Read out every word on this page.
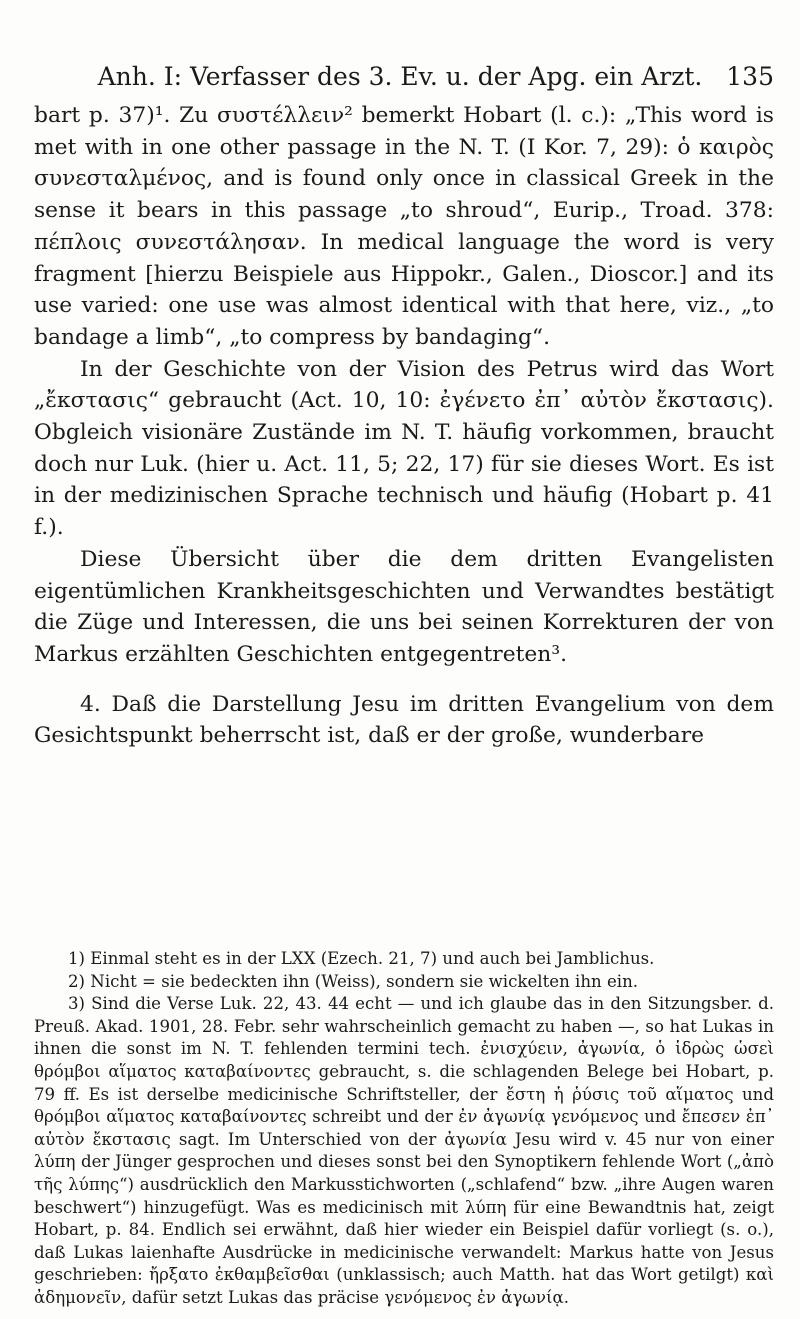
Anh. I: Verfasser des 3. Ev. u. der Apg. ein Arzt. 135

bart p. 37)¹. Zu συστέλλειν² bemerkt Hobart (l. c.): „This word is met with in one other passage in the N. T. (I Kor. 7, 29): ὁ καιρὸς συνεσταλμένος, and is found only once in classical Greek in the sense it bears in this passage „to shroud“, Eurip., Troad. 378: πέπλοις συνεστάλησαν. In medical language the word is very fragment [hierzu Beispiele aus Hippokr., Galen., Dioscor.] and its use varied: one use was almost identical with that here, viz., „to bandage a limb“, „to compress by bandaging“.

In der Geschichte von der Vision des Petrus wird das Wort „ἔκστασις“ gebraucht (Act. 10, 10: ἐγένετο ἐπ᾽ αὐτὸν ἔκστασις). Obgleich visionäre Zustände im N. T. häufig vorkommen, braucht doch nur Luk. (hier u. Act. 11, 5; 22, 17) für sie dieses Wort. Es ist in der medizinischen Sprache technisch und häufig (Hobart p. 41 f.).

Diese Übersicht über die dem dritten Evangelisten eigentümlichen Krankheitsgeschichten und Verwandtes bestätigt die Züge und Interessen, die uns bei seinen Korrekturen der von Markus erzählten Geschichten entgegentreten³.

4. Daß die Darstellung Jesu im dritten Evangelium von dem Gesichtspunkt beherrscht ist, daß er der große, wunderbare

1) Einmal steht es in der LXX (Ezech. 21, 7) und auch bei Jamblichus.

2) Nicht = sie bedeckten ihn (Weiss), sondern sie wickelten ihn ein.

3) Sind die Verse Luk. 22, 43. 44 echt — und ich glaube das in den Sitzungsber. d. Preuß. Akad. 1901, 28. Febr. sehr wahrscheinlich gemacht zu haben —, so hat Lukas in ihnen die sonst im N. T. fehlenden termini tech. ἐνισχύειν, ἀγωνία, ὁ ἱδρὼς ὡσεὶ θρόμβοι αἵματος καταβαίνοντες gebraucht, s. die schlagenden Belege bei Hobart, p. 79 ff. Es ist derselbe medicinische Schriftsteller, der ἔστη ἡ ῥύσις τοῦ αἵματος und θρόμβοι αἵματος καταβαίνοντες schreibt und der ἐν ἀγωνίᾳ γενόμενος und ἔπεσεν ἐπ᾽ αὐτὸν ἔκστασις sagt. Im Unterschied von der ἀγωνία Jesu wird v. 45 nur von einer λύπη der Jünger gesprochen und dieses sonst bei den Synoptikern fehlende Wort („ἀπὸ τῆς λύπης“) ausdrücklich den Markusstichworten („schlafend“ bzw. „ihre Augen waren beschwert“) hinzugefügt. Was es medicinisch mit λύπη für eine Bewandtnis hat, zeigt Hobart, p. 84. Endlich sei erwähnt, daß hier wieder ein Beispiel dafür vorliegt (s. o.), daß Lukas laienhafte Ausdrücke in medicinische verwandelt: Markus hatte von Jesus geschrieben: ἤρξατο ἐκθαμβεῖσθαι (unklassisch; auch Matth. hat das Wort getilgt) καὶ ἀδημονεῖν, dafür setzt Lukas das präcise γενόμενος ἐν ἀγωνίᾳ.
